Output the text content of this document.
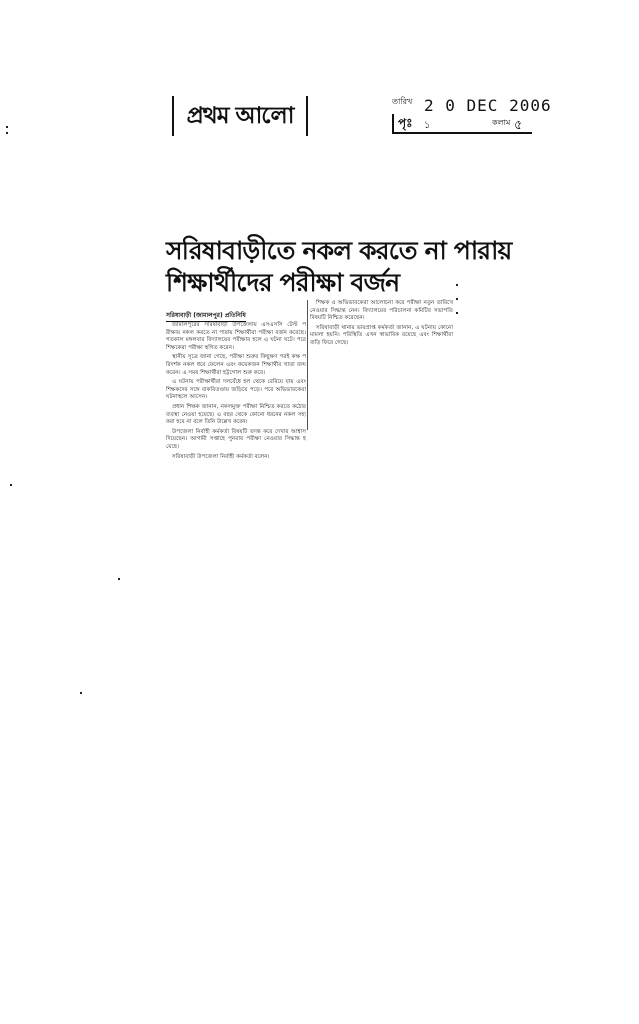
প্রথম আলো	তারিখ 2 0 DEC 2006
পৃঃ ১	কলাম ৫
সরিষাবাড়ীতে নকল করতে না পারায়
শিক্ষার্থীদের পরীক্ষা বর্জন
সরিষাবাড়ী (জামালপুর) প্রতিনিধি

জামালপুরের সরিষাবাড়ী উপজেলায় এসএসসি টেস্ট পরীক্ষায় নকল করতে না পারায় শিক্ষার্থীরা পরীক্ষা বর্জন করেছে। গতকাল মঙ্গলবার বিদ্যালয়ের পরীক্ষার হলে এ ঘটনা ঘটে। পরে শিক্ষকেরা পরীক্ষা স্থগিত করেন।

স্থানীয় সূত্রে জানা গেছে, পরীক্ষা শুরুর কিছুক্ষণ পরই কক্ষ পরিদর্শক নকল ধরে ফেলেন এবং কয়েকজন শিক্ষার্থীর খাতা জব্দ করেন। এ সময় শিক্ষার্থীরা হট্টগোল শুরু করে।

এ ঘটনায় পরীক্ষার্থীরা দলবেঁধে হল থেকে বেরিয়ে যায় এবং শিক্ষকদের সঙ্গে বাকবিতণ্ডায় জড়িয়ে পড়ে। পরে অভিভাবকেরা ঘটনাস্থলে আসেন।

প্রধান শিক্ষক জানান, নকলমুক্ত পরীক্ষা নিশ্চিত করতে কঠোর ব্যবস্থা নেওয়া হয়েছে। এ বছর থেকে কোনো ধরনের নকল সহ্য করা হবে না বলে তিনি উল্লেখ করেন।

উপজেলা নির্বাহী কর্মকর্তা বিষয়টি তদন্ত করে দেখার আশ্বাস দিয়েছেন। আগামী সপ্তাহে পুনরায় পরীক্ষা নেওয়ার সিদ্ধান্ত হয়েছে।

সরিষাবাড়ী উপজেলা নির্বাহী কর্মকর্তা বলেন।

শিক্ষক ও অভিভাবকেরা আলোচনা করে পরীক্ষা নতুন তারিখে নেওয়ার সিদ্ধান্ত নেন। বিদ্যালয়ের পরিচালনা কমিটির সভাপতি বিষয়টি নিশ্চিত করেছেন।

সরিষাবাড়ী থানার ভারপ্রাপ্ত কর্মকর্তা জানান, এ ঘটনায় কোনো মামলা হয়নি। পরিস্থিতি এখন স্বাভাবিক রয়েছে এবং শিক্ষার্থীরা বাড়ি ফিরে গেছে।
